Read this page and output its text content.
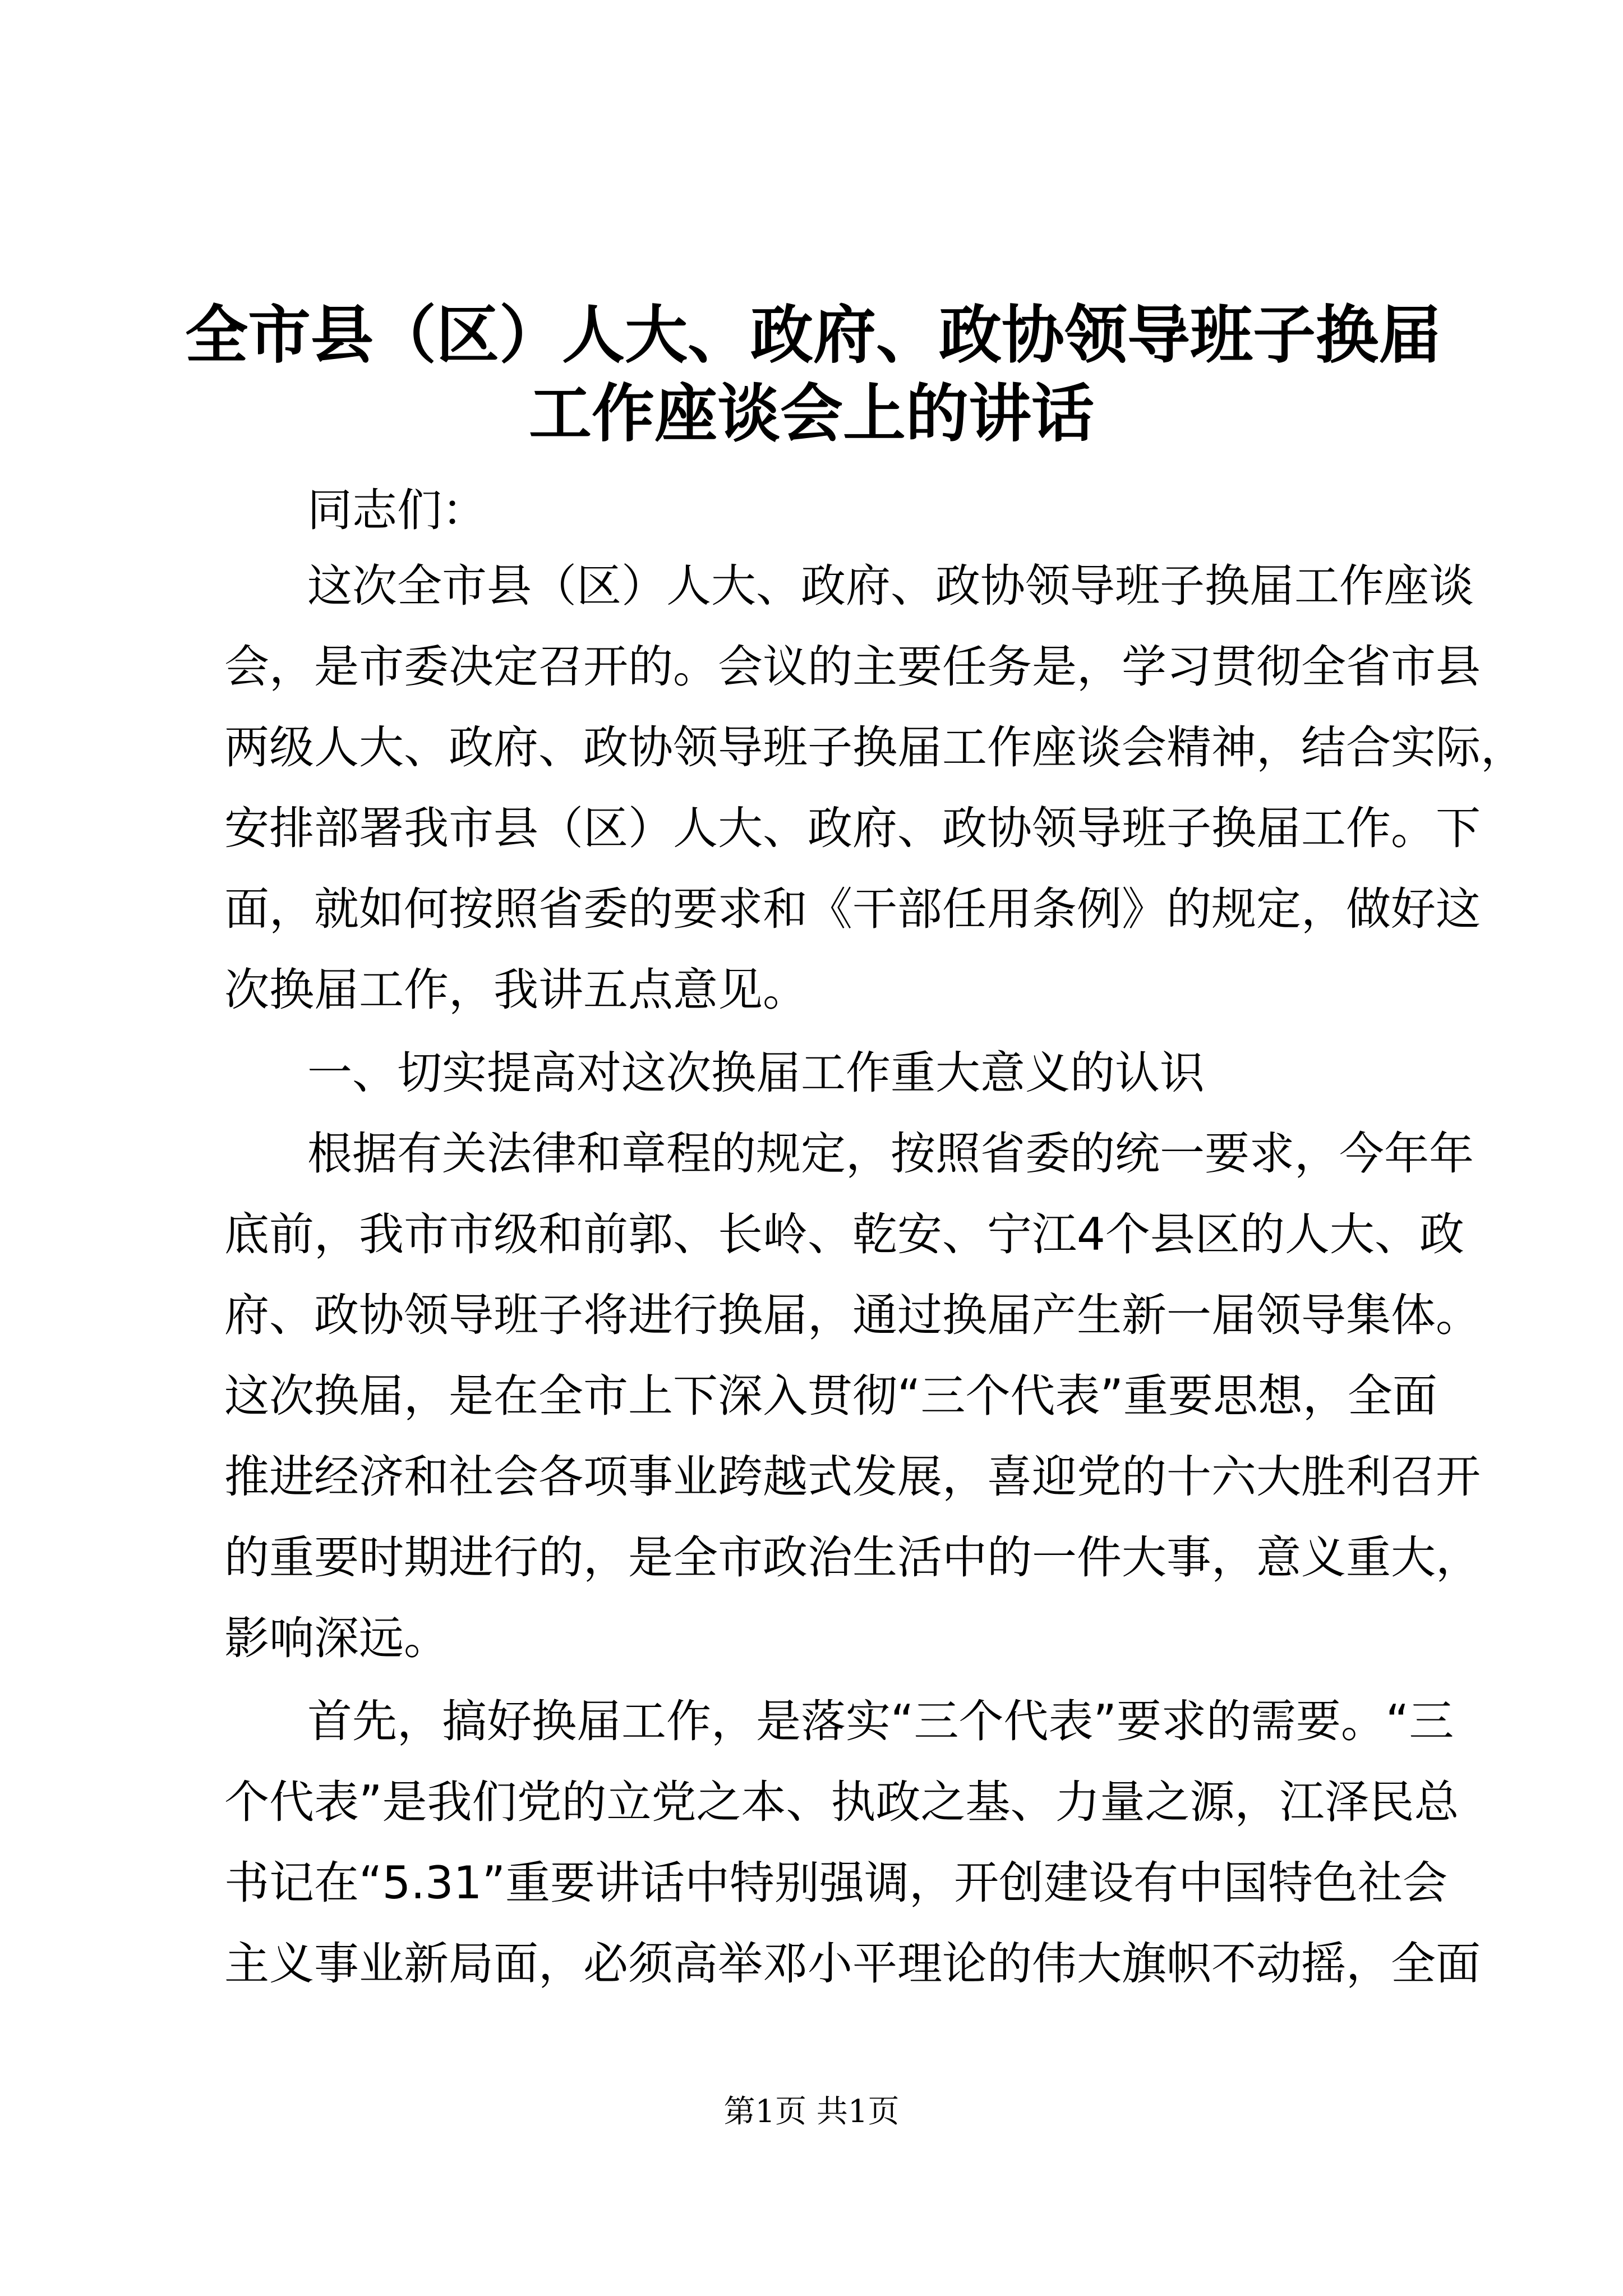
全市县（区）人大、政府、政协领导班子换届
工作座谈会上的讲话
同志们：
这次全市县（区）人大、政府、政协领导班子换届工作座谈
会，是市委决定召开的。会议的主要任务是，学习贯彻全省市县
两级人大、政府、政协领导班子换届工作座谈会精神，结合实际，
安排部署我市县（区）人大、政府、政协领导班子换届工作。下
面，就如何按照省委的要求和《干部任用条例》的规定，做好这
次换届工作，我讲五点意见。
一、切实提高对这次换届工作重大意义的认识
根据有关法律和章程的规定，按照省委的统一要求，今年年
底前，我市市级和前郭、长岭、乾安、宁江4个县区的人大、政
府、政协领导班子将进行换届，通过换届产生新一届领导集体。
这次换届，是在全市上下深入贯彻“三个代表”重要思想，全面
推进经济和社会各项事业跨越式发展，喜迎党的十六大胜利召开
的重要时期进行的，是全市政治生活中的一件大事，意义重大，
影响深远。
首先，搞好换届工作，是落实“三个代表”要求的需要。“三
个代表”是我们党的立党之本、执政之基、力量之源，江泽民总
书记在“5.31”重要讲话中特别强调，开创建设有中国特色社会
主义事业新局面，必须高举邓小平理论的伟大旗帜不动摇，全面
第1页 共1页
